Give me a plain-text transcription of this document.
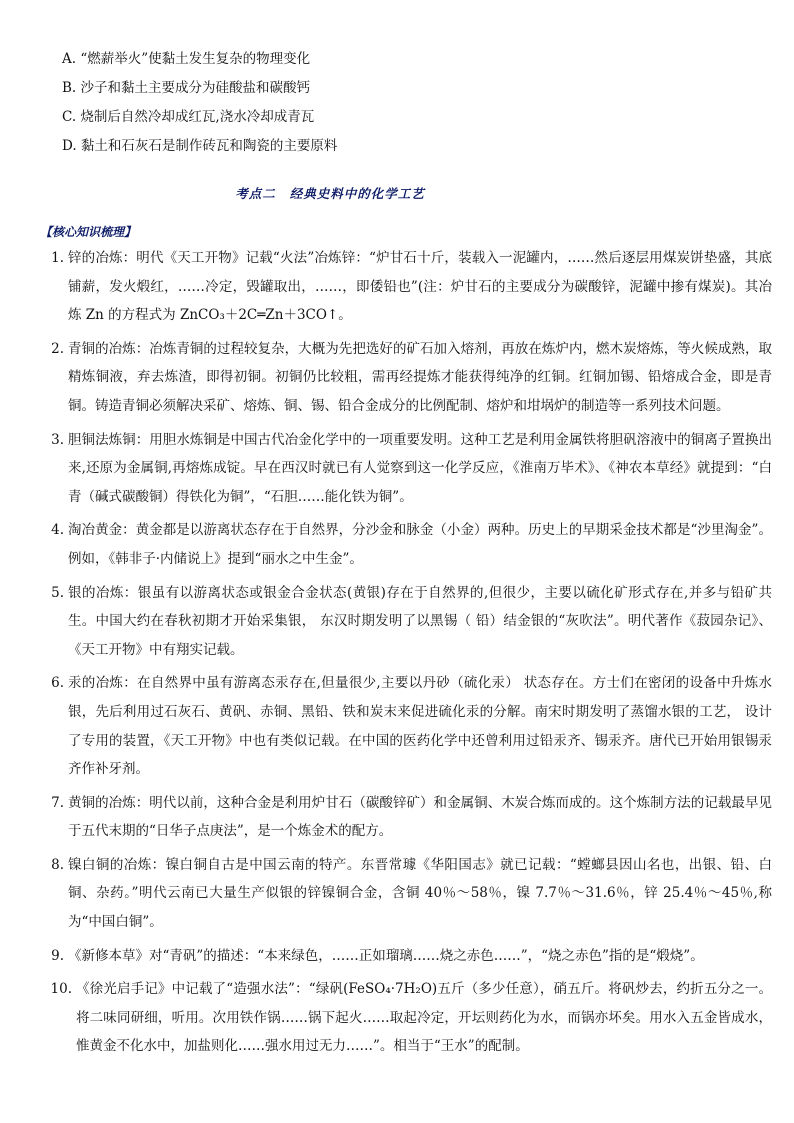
A. “燃薪举火”使黏土发生复杂的物理变化
B. 沙子和黏土主要成分为硅酸盐和碳酸钙
C. 烧制后自然冷却成红瓦,浇水冷却成青瓦
D. 黏土和石灰石是制作砖瓦和陶瓷的主要原料
考点二 经典史料中的化学工艺
【核心知识梳理】
1. 锌的冶炼：明代《天工开物》记载“火法”冶炼锌：“炉甘石十斤，装载入一泥罐内，……然后逐层用煤炭饼垫盛，其底铺薪，发火煅红，……冷定，毁罐取出，……，即倭铅也”(注：炉甘石的主要成分为碳酸锌，泥罐中掺有煤炭)。其冶炼 Zn 的方程式为 ZnCO₃＋2C═Zn＋3CO↑。
2. 青铜的冶炼：冶炼青铜的过程较复杂，大概为先把选好的矿石加入熔剂，再放在炼炉内，燃木炭熔炼，等火候成熟，取精炼铜液，弃去炼渣，即得初铜。初铜仍比较粗，需再经提炼才能获得纯净的红铜。红铜加锡、铅熔成合金，即是青铜。铸造青铜必须解决采矿、熔炼、铜、锡、铅合金成分的比例配制、熔炉和坩埚炉的制造等一系列技术问题。
3. 胆铜法炼铜：用胆水炼铜是中国古代冶金化学中的一项重要发明。这种工艺是利用金属铁将胆矾溶液中的铜离子置换出来,还原为金属铜,再熔炼成锭。早在西汉时就已有人觉察到这一化学反应，《淮南万毕术》、《神农本草经》就提到：“白青（碱式碳酸铜）得铁化为铜”，“石胆……能化铁为铜”。
4. 淘冶黄金：黄金都是以游离状态存在于自然界，分沙金和脉金（小金）两种。历史上的早期采金技术都是“沙里淘金”。例如，《韩非子·内储说上》提到“丽水之中生金”。
5. 银的冶炼：银虽有以游离状态或银金合金状态(黄银)存在于自然界的,但很少，主要以硫化矿形式存在,并多与铅矿共生。中国大约在春秋初期才开始采集银， 东汉时期发明了以黑锡（ 铅）结金银的“灰吹法”。明代著作《菽园杂记》、《天工开物》中有翔实记载。
6. 汞的冶炼：在自然界中虽有游离态汞存在,但量很少,主要以丹砂（硫化汞） 状态存在。方士们在密闭的设备中升炼水银，先后利用过石灰石、黄矾、赤铜、黑铅、铁和炭末来促进硫化汞的分解。南宋时期发明了蒸馏水银的工艺， 设计了专用的装置，《天工开物》中也有类似记载。在中国的医药化学中还曾利用过铅汞齐、锡汞齐。唐代已开始用银锡汞齐作补牙剂。
7. 黄铜的冶炼：明代以前，这种合金是利用炉甘石（碳酸锌矿）和金属铜、木炭合炼而成的。这个炼制方法的记载最早见于五代末期的“日华子点庚法”，是一个炼金术的配方。
8. 镍白铜的冶炼：镍白铜自古是中国云南的特产。东晋常璩《华阳国志》就已记载：“螳螂县因山名也，出银、铅、白铜、杂药。”明代云南已大量生产似银的锌镍铜合金，含铜 40％～58％，镍 7.7％～31.6％，锌 25.4％～45％,称为“中国白铜”。
9. 《新修本草》对“青矾”的描述：“本来绿色，……正如瑠璃……烧之赤色……”，“烧之赤色”指的是“煅烧”。
10. 《徐光启手记》中记载了“造强水法”：“绿矾(FeSO₄·7H₂O)五斤（多少任意），硝五斤。将矾炒去，约折五分之一。将二味同研细，听用。次用铁作锅……锅下起火……取起冷定，开坛则药化为水，而锅亦坏矣。用水入五金皆成水，惟黄金不化水中，加盐则化……强水用过无力……”。相当于“王水”的配制。
